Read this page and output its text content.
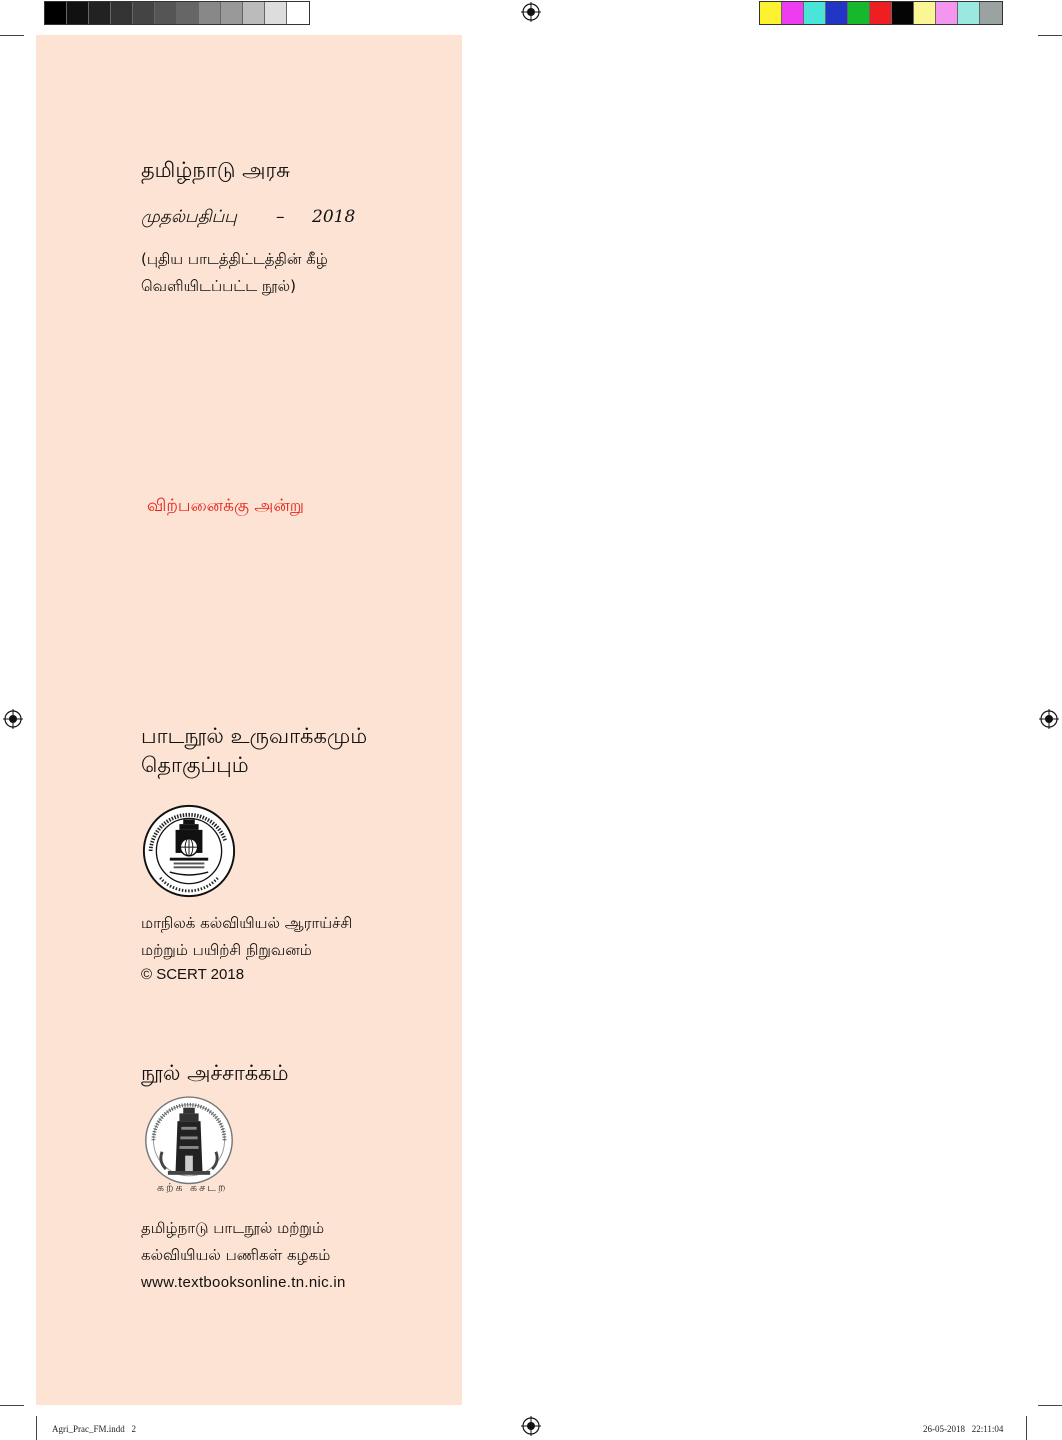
தமிழ்நாடு அரசு
முதல்பதிப்பு – 2018
(புதிய பாடத்திட்டத்தின் கீழ்
வெளியிடப்பட்ட நூல்)
விற்பனைக்கு அன்று
பாடநூல் உருவாக்கமும்
தொகுப்பும்
மாநிலக் கல்வியியல் ஆராய்ச்சி
மற்றும் பயிற்சி நிறுவனம்
© SCERT 2018
நூல் அச்சாக்கம்
கற்க கசடற
தமிழ்நாடு பாடநூல் மற்றும்
கல்வியியல் பணிகள் கழகம்
www.textbooksonline.tn.nic.in
Agri_Prac_FM.indd   2	26-05-2018   22:11:04
